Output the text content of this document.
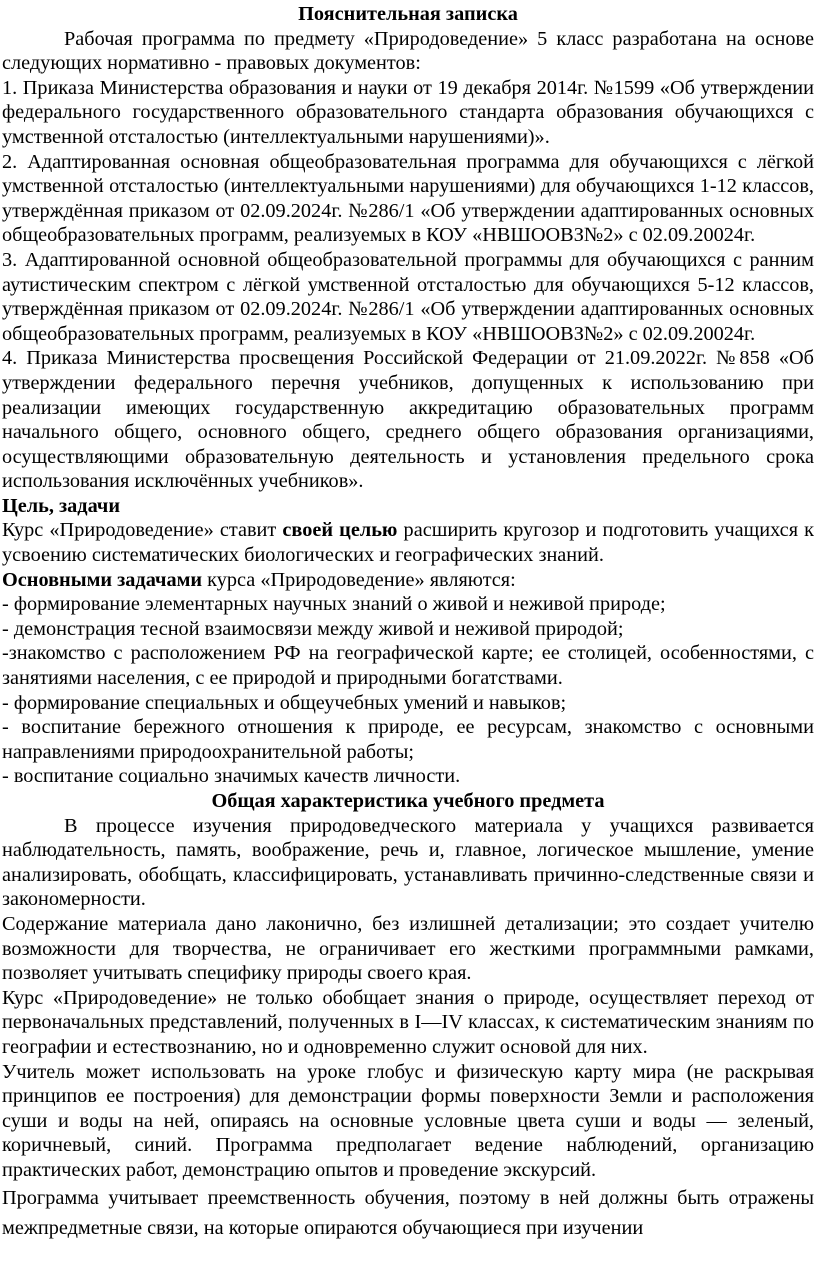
Пояснительная записка

Рабочая программа по предмету «Природоведение» 5 класс разработана на основе следующих нормативно - правовых документов:

1. Приказа Министерства образования и науки от 19 декабря 2014г. №1599 «Об утверждении федерального государственного образовательного стандарта образования обучающихся с умственной отсталостью (интеллектуальными нарушениями)».

2. Адаптированная основная общеобразовательная программа для обучающихся с лёгкой умственной отсталостью (интеллектуальными нарушениями) для обучающихся 1-12 классов, утверждённая приказом от 02.09.2024г. №286/1 «Об утверждении адаптированных основных общеобразовательных программ, реализуемых в КОУ «НВШООВЗ№2» с 02.09.20024г.

3. Адаптированной основной общеобразовательной программы для обучающихся с ранним аутистическим спектром с лёгкой умственной отсталостью для обучающихся 5-12 классов, утверждённая приказом от 02.09.2024г. №286/1 «Об утверждении адаптированных основных общеобразовательных программ, реализуемых в КОУ «НВШООВЗ№2» с 02.09.20024г.

4. Приказа Министерства просвещения Российской Федерации от 21.09.2022г. №858 «Об утверждении федерального перечня учебников, допущенных к использованию при реализации имеющих государственную аккредитацию образовательных программ начального общего, основного общего, среднего общего образования организациями, осуществляющими образовательную деятельность и установления предельного срока использования исключённых учебников».

Цель, задачи

Курс «Природоведение» ставит своей целью расширить кругозор и подготовить учащихся к усвоению систематических биологических и географических знаний.

Основными задачами курса «Природоведение» являются:

- формирование элементарных научных знаний о живой и неживой природе;

- демонстрация тесной взаимосвязи между живой и неживой природой;

-знакомство с расположением РФ на географической карте; ее столицей, особенностями, с занятиями населения, с ее природой и природными богатствами.

- формирование специальных и общеучебных умений и навыков;

- воспитание бережного отношения к природе, ее ресурсам, знакомство с основными направлениями природоохранительной работы;

- воспитание социально значимых качеств личности.

Общая характеристика учебного предмета

В процессе изучения природоведческого материала у учащихся развивается наблюдательность, память, воображение, речь и, главное, логическое мышление, умение анализировать, обобщать, классифицировать, устанавливать причинно-следственные связи и закономерности.

Содержание материала дано лаконично, без излишней детализации; это создает учителю возможности для творчества, не ограничивает его жесткими программными рамками, позволяет учитывать специфику природы своего края.

Курс «Природоведение» не только обобщает знания о природе, осуществляет переход от первоначальных представлений, полученных в I—IV классах, к систематическим знаниям по географии и естествознанию, но и одновременно служит основой для них.

Учитель может использовать на уроке глобус и физическую карту мира (не раскрывая принципов ее построения) для демонстрации формы поверхности Земли и расположения суши и воды на ней, опираясь на основные условные цвета суши и воды — зеленый, коричневый, синий. Программа предполагает ведение наблюдений, организацию практических работ, демонстрацию опытов и проведение экскурсий.

Программа учитывает преемственность обучения, поэтому в ней должны быть отражены межпредметные связи, на которые опираются обучающиеся при изучении
